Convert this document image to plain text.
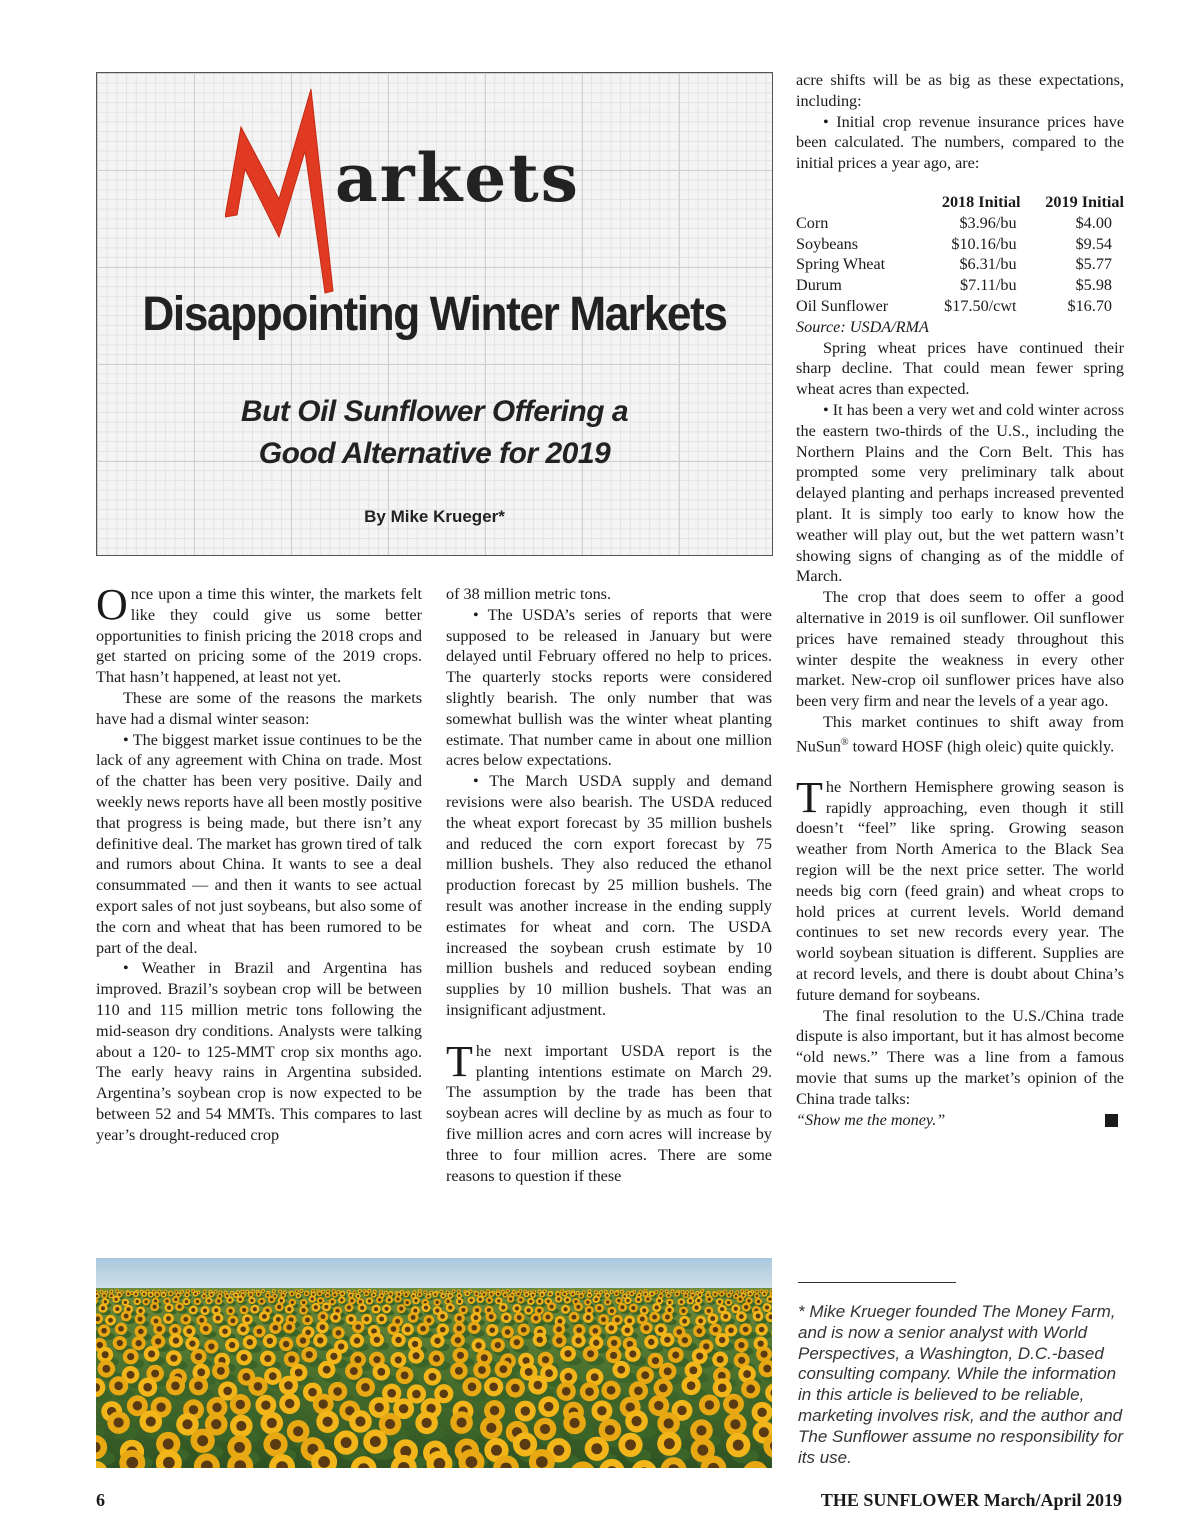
arkets
Disappointing Winter Markets
But Oil Sunflower Offering a
Good Alternative for 2019
By Mike Krueger*

Once upon a time this winter, the markets felt like they could give us some better opportunities to finish pricing the 2018 crops and get started on pricing some of the 2019 crops. That hasn’t happened, at least not yet.

These are some of the reasons the markets have had a dismal winter season:

• The biggest market issue continues to be the lack of any agreement with China on trade. Most of the chatter has been very positive. Daily and weekly news reports have all been mostly positive that progress is being made, but there isn’t any definitive deal. The market has grown tired of talk and rumors about China. It wants to see a deal consummated — and then it wants to see actual export sales of not just soybeans, but also some of the corn and wheat that has been rumored to be part of the deal.

• Weather in Brazil and Argentina has improved. Brazil’s soybean crop will be between 110 and 115 million metric tons following the mid-season dry conditions. Analysts were talking about a 120- to 125-MMT crop six months ago. The early heavy rains in Argentina subsided. Argentina’s soybean crop is now expected to be between 52 and 54 MMTs. This compares to last year’s drought-reduced crop

of 38 million metric tons.

• The USDA’s series of reports that were supposed to be released in January but were delayed until February offered no help to prices. The quarterly stocks reports were considered slightly bearish. The only number that was somewhat bullish was the winter wheat planting estimate. That number came in about one million acres below expectations.

• The March USDA supply and demand revisions were also bearish. The USDA reduced the wheat export forecast by 35 million bushels and reduced the corn export forecast by 75 million bushels. They also reduced the ethanol production forecast by 25 million bushels. The result was another increase in the ending supply estimates for wheat and corn. The USDA increased the soybean crush estimate by 10 million bushels and reduced soybean ending supplies by 10 million bushels. That was an insignificant adjustment.

The next important USDA report is the planting intentions estimate on March 29. The assumption by the trade has been that soybean acres will decline by as much as four to five million acres and corn acres will increase by three to four million acres. There are some reasons to question if these

acre shifts will be as big as these expectations, including:

• Initial crop revenue insurance prices have been calculated. The numbers, compared to the initial prices a year ago, are:

	2018 Initial	2019 Initial
Corn	$3.96/bu	$4.00
Soybeans	$10.16/bu	$9.54
Spring Wheat	$6.31/bu	$5.77
Durum	$7.11/bu	$5.98
Oil Sunflower	$17.50/cwt	$16.70

Source: USDA/RMA

Spring wheat prices have continued their sharp decline. That could mean fewer spring wheat acres than expected.

• It has been a very wet and cold winter across the eastern two-thirds of the U.S., including the Northern Plains and the Corn Belt. This has prompted some very preliminary talk about delayed planting and perhaps increased prevented plant. It is simply too early to know how the weather will play out, but the wet pattern wasn’t showing signs of changing as of the middle of March.

The crop that does seem to offer a good alternative in 2019 is oil sunflower. Oil sunflower prices have remained steady throughout this winter despite the weakness in every other market. New-crop oil sunflower prices have also been very firm and near the levels of a year ago.

This market continues to shift away from NuSun® toward HOSF (high oleic) quite quickly.

The Northern Hemisphere growing season is rapidly approaching, even though it still doesn’t “feel” like spring. Growing season weather from North America to the Black Sea region will be the next price setter. The world needs big corn (feed grain) and wheat crops to hold prices at current levels. World demand continues to set new records every year. The world soybean situation is different. Supplies are at record levels, and there is doubt about China’s future demand for soybeans.

The final resolution to the U.S./China trade dispute is also important, but it has almost become “old news.” There was a line from a famous movie that sums up the market’s opinion of the China trade talks:

“Show me the money.”

* Mike Krueger founded The Money Farm, and is now a senior analyst with World Perspectives, a Washington, D.C.-based consulting company. While the information in this article is believed to be reliable, marketing involves risk, and the author and The Sunflower assume no responsibility for its use.
6	THE SUNFLOWER March/April 2019
